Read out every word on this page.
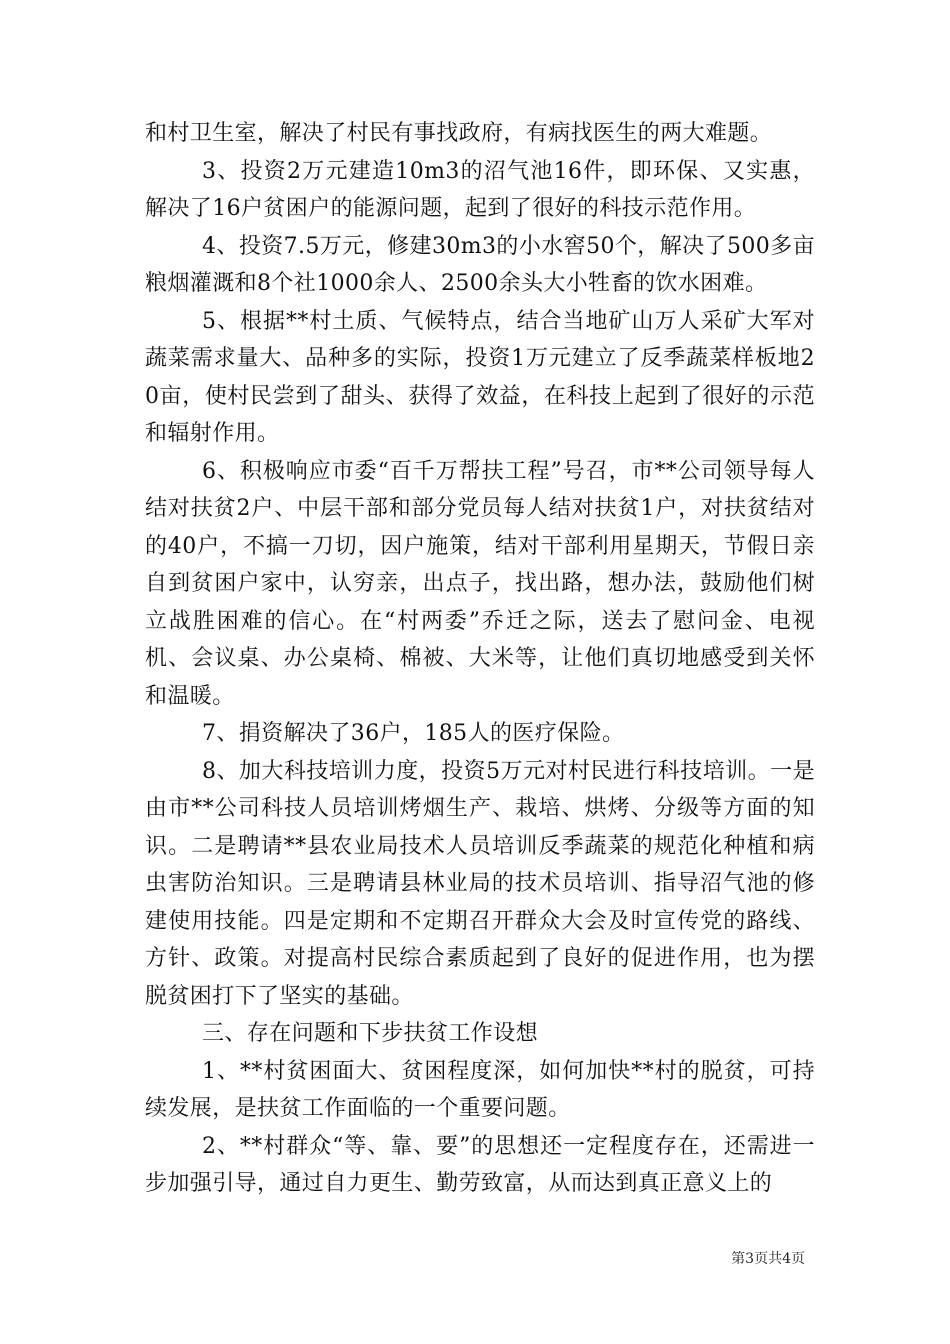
和村卫生室，解决了村民有事找政府，有病找医生的两大难题。

3、投资2万元建造10m3的沼气池16件，即环保、又实惠，解决了16户贫困户的能源问题，起到了很好的科技示范作用。

4、投资7.5万元，修建30m3的小水窖50个，解决了500多亩粮烟灌溉和8个社1000余人、2500余头大小牲畜的饮水困难。

5、根据**村土质、气候特点，结合当地矿山万人采矿大军对蔬菜需求量大、品种多的实际，投资1万元建立了反季蔬菜样板地20亩，使村民尝到了甜头、获得了效益，在科技上起到了很好的示范和辐射作用。

6、积极响应市委“百千万帮扶工程”号召，市**公司领导每人结对扶贫2户、中层干部和部分党员每人结对扶贫1户，对扶贫结对的40户，不搞一刀切，因户施策，结对干部利用星期天，节假日亲自到贫困户家中，认穷亲，出点子，找出路，想办法，鼓励他们树立战胜困难的信心。在“村两委”乔迁之际，送去了慰问金、电视机、会议桌、办公桌椅、棉被、大米等，让他们真切地感受到关怀和温暖。

7、捐资解决了36户，185人的医疗保险。

8、加大科技培训力度，投资5万元对村民进行科技培训。一是由市**公司科技人员培训烤烟生产、栽培、烘烤、分级等方面的知识。二是聘请**县农业局技术人员培训反季蔬菜的规范化种植和病虫害防治知识。三是聘请县林业局的技术员培训、指导沼气池的修建使用技能。四是定期和不定期召开群众大会及时宣传党的路线、方针、政策。对提高村民综合素质起到了良好的促进作用，也为摆脱贫困打下了坚实的基础。

三、存在问题和下步扶贫工作设想

1、**村贫困面大、贫困程度深，如何加快**村的脱贫，可持续发展，是扶贫工作面临的一个重要问题。

2、**村群众“等、靠、要”的思想还一定程度存在，还需进一步加强引导，通过自力更生、勤劳致富，从而达到真正意义上的

第3页共4页
